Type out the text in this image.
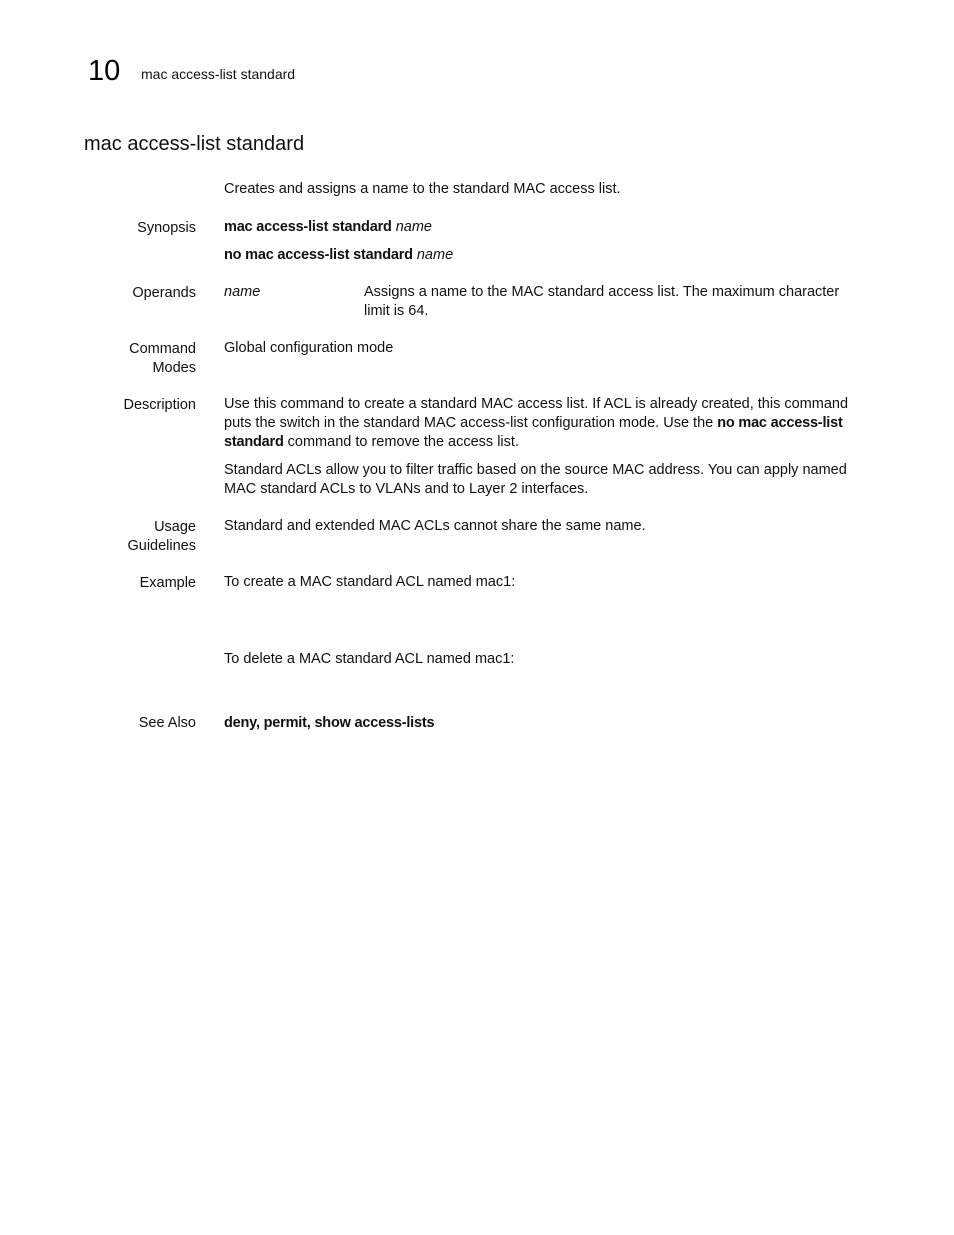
10 mac access-list standard
mac access-list standard
Creates and assigns a name to the standard MAC access list.
Synopsis mac access-list standard name
no mac access-list standard name
Operands name	Assigns a name to the MAC standard access list. The maximum character limit is 64.
Command
Modes
Global configuration mode
Description Use this command to create a standard MAC access list. If ACL is already created, this command puts the switch in the standard MAC access-list configuration mode. Use the no mac access-list standard command to remove the access list.
Standard ACLs allow you to filter traffic based on the source MAC address. You can apply named MAC standard ACLs to VLANs and to Layer 2 interfaces.
Usage
Guidelines
Standard and extended MAC ACLs cannot share the same name.
Example To create a MAC standard ACL named mac1:
To delete a MAC standard ACL named mac1:
See Also deny, permit, show access-lists
